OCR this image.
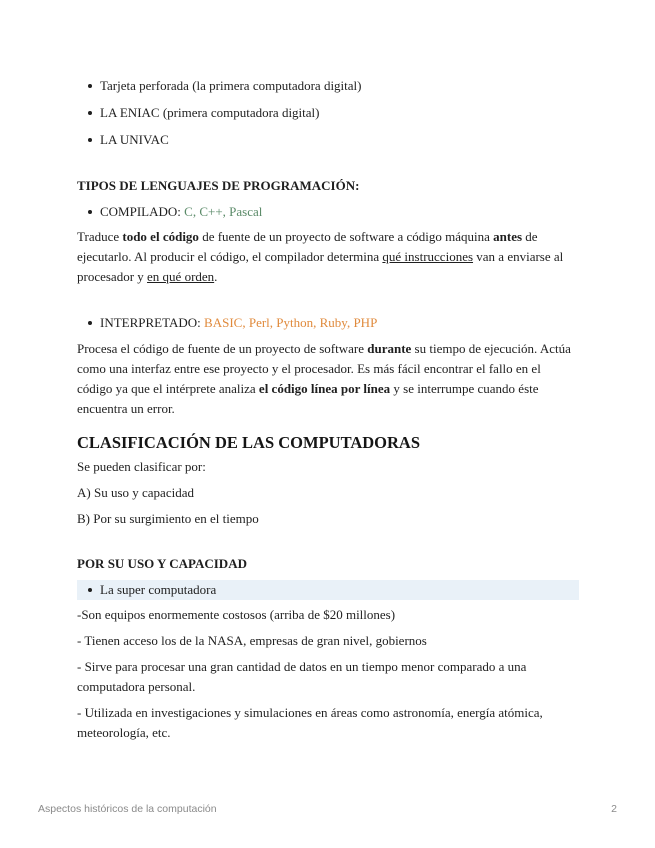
Tarjeta perforada (la primera computadora digital)
LA ENIAC (primera computadora digital)
LA UNIVAC
TIPOS DE LENGUAJES DE PROGRAMACIÓN:
COMPILADO: C, C++, Pascal

Traduce todo el código de fuente de un proyecto de software a código máquina antes de ejecutarlo. Al producir el código, el compilador determina qué instrucciones van a enviarse al procesador y en qué orden.

INTERPRETADO: BASIC, Perl, Python, Ruby, PHP

Procesa el código de fuente de un proyecto de software durante su tiempo de ejecución. Actúa como una interfaz entre ese proyecto y el procesador. Es más fácil encontrar el fallo en el código ya que el intérprete analiza el código línea por línea y se interrumpe cuando éste encuentra un error.

CLASIFICACIÓN DE LAS COMPUTADORAS

Se pueden clasificar por:

A) Su uso y capacidad

B) Por su surgimiento en el tiempo

POR SU USO Y CAPACIDAD
La super computadora

-Son equipos enormemente costosos (arriba de $20 millones)

- Tienen acceso los de la NASA, empresas de gran nivel, gobiernos

- Sirve para procesar una gran cantidad de datos en un tiempo menor comparado a una computadora personal.

- Utilizada en investigaciones y simulaciones en áreas como astronomía, energía atómica, meteorología, etc.

Aspectos históricos de la computación	2
